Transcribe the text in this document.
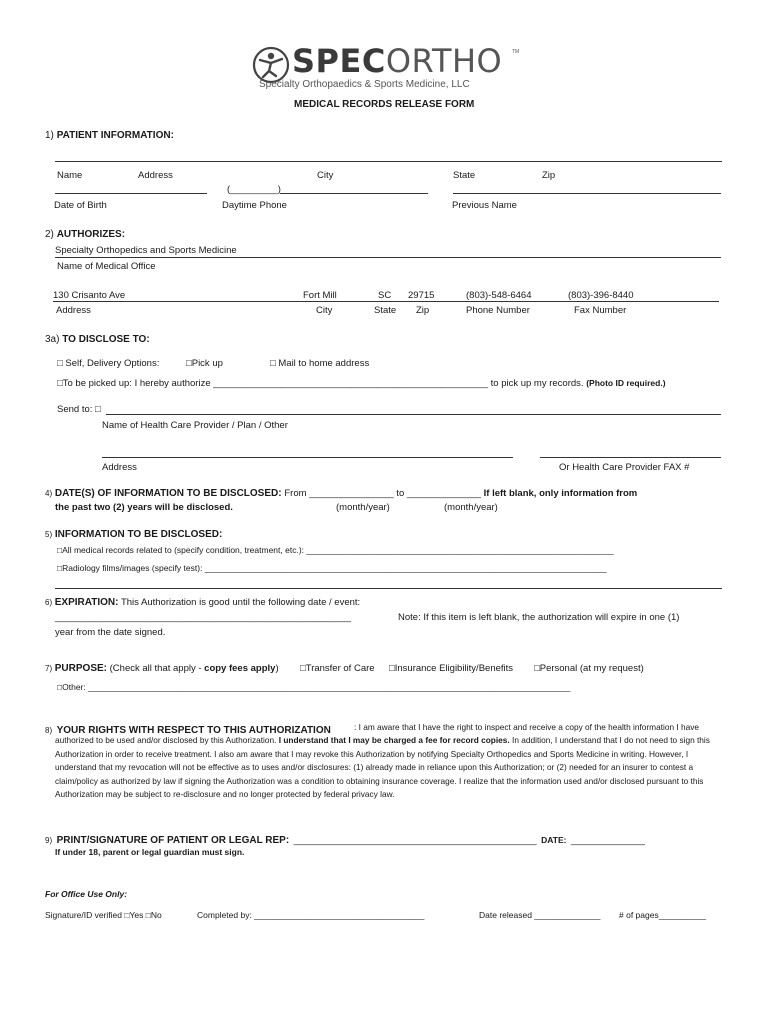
SPECORTHO TM
Specialty Orthopaedics & Sports Medicine, LLC
MEDICAL RECORDS RELEASE FORM
1) PATIENT INFORMATION:
Name	Address	City	State	Zip
(_________)
Date of Birth	Daytime Phone	Previous Name
2) AUTHORIZES:
Specialty Orthopedics and Sports Medicine
Name of Medical Office
130 Crisanto Ave	Fort Mill	SC 29715	(803)-548-6464	(803)-396-8440
Address	City	State Zip	Phone Number	Fax Number
3a) TO DISCLOSE TO:
□ Self, Delivery Options:	□Pick up	□ Mail to home address
□To be picked up: I hereby authorize ____________________________________________________ to pick up my records. (Photo ID required.)
Send to: □
Name of Health Care Provider / Plan / Other
Address	Or Health Care Provider FAX #
4) DATE(S) OF INFORMATION TO BE DISCLOSED: From ________________ to ______________ If left blank, only information from
the past two (2) years will be disclosed.	(month/year)	(month/year)
5) INFORMATION TO BE DISCLOSED:
□All medical records related to (specify condition, treatment, etc.): _________________________________________________________________
□Radiology films/images (specify test): _____________________________________________________________________________________
6) EXPIRATION: This Authorization is good until the following date / event:
________________________________________________________	Note: If this item is left blank, the authorization will expire in one (1)
year from the date signed.
7) PURPOSE: (Check all that apply - copy fees apply) □Transfer of Care □Insurance Eligibility/Benefits □Personal (at my request)
□Other: ______________________________________________________________________________________________________
8) YOUR RIGHTS WITH RESPECT TO THIS AUTHORIZATION	: I am aware that I have the right to inspect and receive a copy of the health information I have authorized to be used and/or disclosed by this Authorization. I understand that I may be charged a fee for record copies. In addition, I understand that I do not need to sign this Authorization in order to receive treatment. I also am aware that I may revoke this Authorization by notifying Specialty Orthopedics and Sports Medicine in writing. However, I understand that my revocation will not be effective as to uses and/or disclosures: (1) already made in reliance upon this Authorization; or (2) needed for an insurer to contest a claim/policy as authorized by law if signing the Authorization was a condition to obtaining insurance coverage. I realize that the information used and/or disclosed pursuant to this Authorization may be subject to re-disclosure and no longer protected by federal privacy law.
9) PRINT/SIGNATURE OF PATIENT OR LEGAL REP: ______________________________________________ DATE: ______________
If under 18, parent or legal guardian must sign.
For Office Use Only:
Signature/ID verified □Yes □No	Completed by: ____________________________________	Date released ______________ # of pages__________
